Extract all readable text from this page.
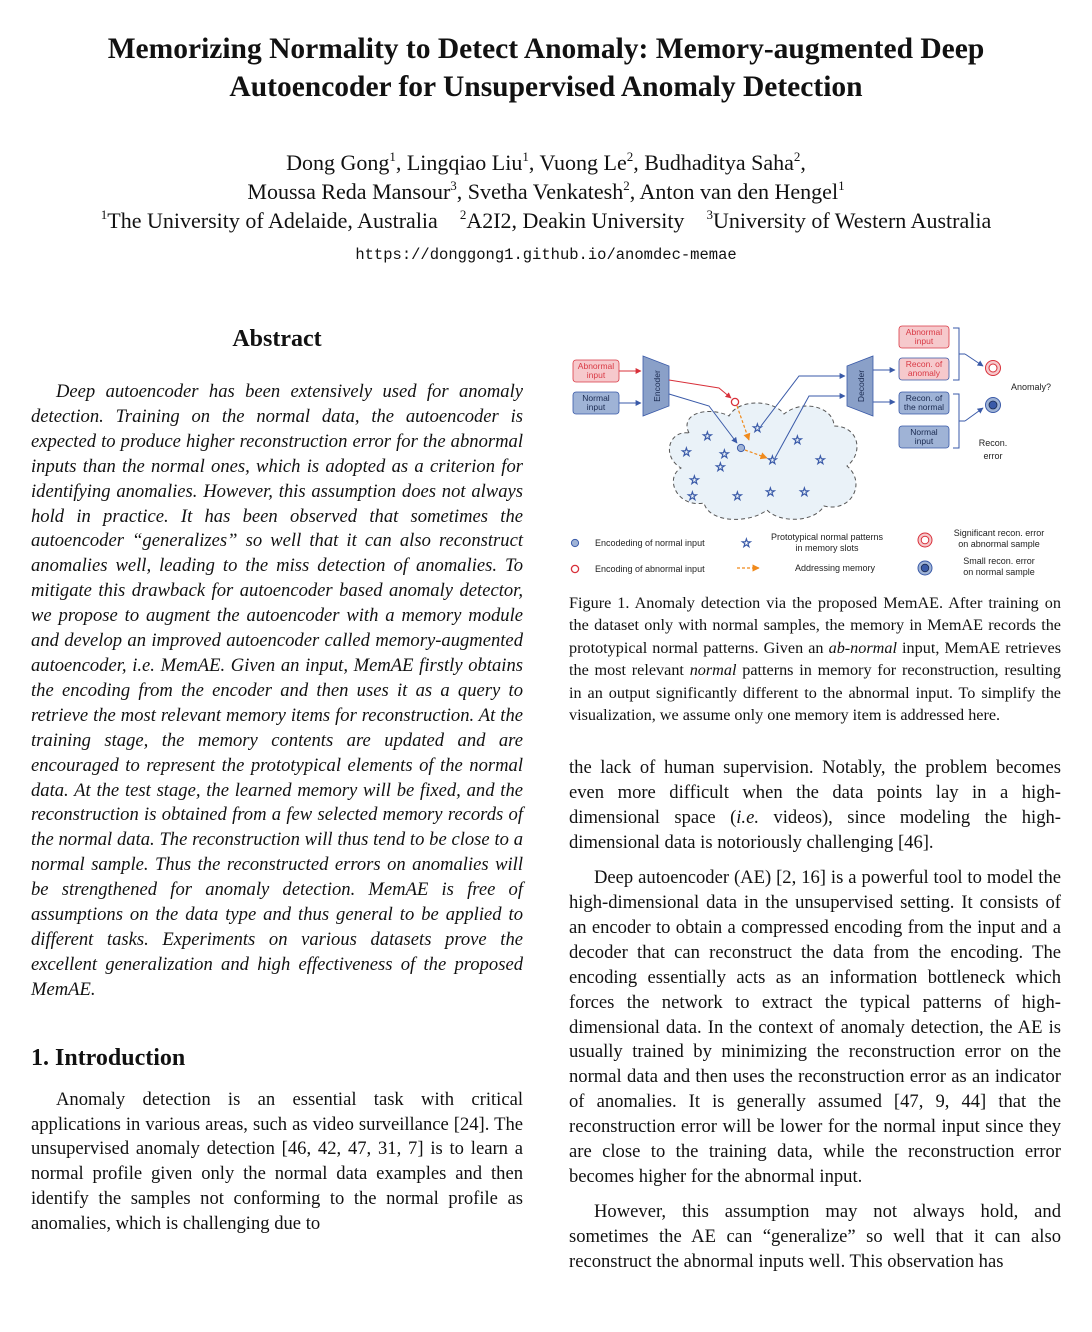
Memorizing Normality to Detect Anomaly: Memory-augmented Deep
Autoencoder for Unsupervised Anomaly Detection
Dong Gong$^1$, Lingqiao Liu$^1$, Vuong Le$^2$, Budhaditya Saha$^2$,
Moussa Reda Mansour$^3$, Svetha Venkatesh$^2$, Anton van den Hengel$^1$
$^1$The University of Adelaide, Australia $^2$A2I2, Deakin University $^3$University of Western Australia
https://donggong1.github.io/anomdec-memae
Abstract

Deep autoencoder has been extensively used for anomaly detection. Training on the normal data, the autoencoder is expected to produce higher reconstruction error for the abnormal inputs than the normal ones, which is adopted as a criterion for identifying anomalies. However, this assumption does not always hold in practice. It has been observed that sometimes the autoencoder “generalizes” so well that it can also reconstruct anomalies well, leading to the miss detection of anomalies. To mitigate this drawback for autoencoder based anomaly detector, we propose to augment the autoencoder with a memory module and develop an improved autoencoder called memory-augmented autoencoder, i.e. MemAE. Given an input, MemAE firstly obtains the encoding from the encoder and then uses it as a query to retrieve the most relevant memory items for reconstruction. At the training stage, the memory contents are updated and are encouraged to represent the prototypical elements of the normal data. At the test stage, the learned memory will be fixed, and the reconstruction is obtained from a few selected memory records of the normal data. The reconstruction will thus tend to be close to a normal sample. Thus the reconstructed errors on anomalies will be strengthened for anomaly detection. MemAE is free of assumptions on the data type and thus general to be applied to different tasks. Experiments on various datasets prove the excellent generalization and high effectiveness of the proposed MemAE.

1. Introduction

Anomaly detection is an essential task with critical applications in various areas, such as video surveillance [24]. The unsupervised anomaly detection [46, 42, 47, 31, 7] is to learn a normal profile given only the normal data examples and then identify the samples not conforming to the normal profile as anomalies, which is challenging due to

Abnormal input
Normal input
Encoder	Decoder
☆
☆ ☆
☆
☆
☆	☆ ☆ ☆
☆
☆
☆
☆
Abnormal input
Recon. of anomaly
Recon. of the normal
Normal input
Anomaly?
Recon. error
Encodeding of normal input
Encoding of abnormal input
☆ Prototypical normal patterns in memory slots
Addressing memory
Significant recon. error on abnormal sample
Small recon. error on normal sample

Figure 1. Anomaly detection via the proposed MemAE. After training on the dataset only with normal samples, the memory in MemAE records the prototypical normal patterns. Given an ab-normal input, MemAE retrieves the most relevant normal patterns in memory for reconstruction, resulting in an output significantly different to the abnormal input. To simplify the visualization, we assume only one memory item is addressed here.

the lack of human supervision. Notably, the problem becomes even more difficult when the data points lay in a high-dimensional space (i.e. videos), since modeling the high-dimensional data is notoriously challenging [46].

Deep autoencoder (AE) [2, 16] is a powerful tool to model the high-dimensional data in the unsupervised setting. It consists of an encoder to obtain a compressed encoding from the input and a decoder that can reconstruct the data from the encoding. The encoding essentially acts as an information bottleneck which forces the network to extract the typical patterns of high-dimensional data. In the context of anomaly detection, the AE is usually trained by minimizing the reconstruction error on the normal data and then uses the reconstruction error as an indicator of anomalies. It is generally assumed [47, 9, 44] that the reconstruction error will be lower for the normal input since they are close to the training data, while the reconstruction error becomes higher for the abnormal input.

However, this assumption may not always hold, and sometimes the AE can “generalize” so well that it can also reconstruct the abnormal inputs well. This observation has
